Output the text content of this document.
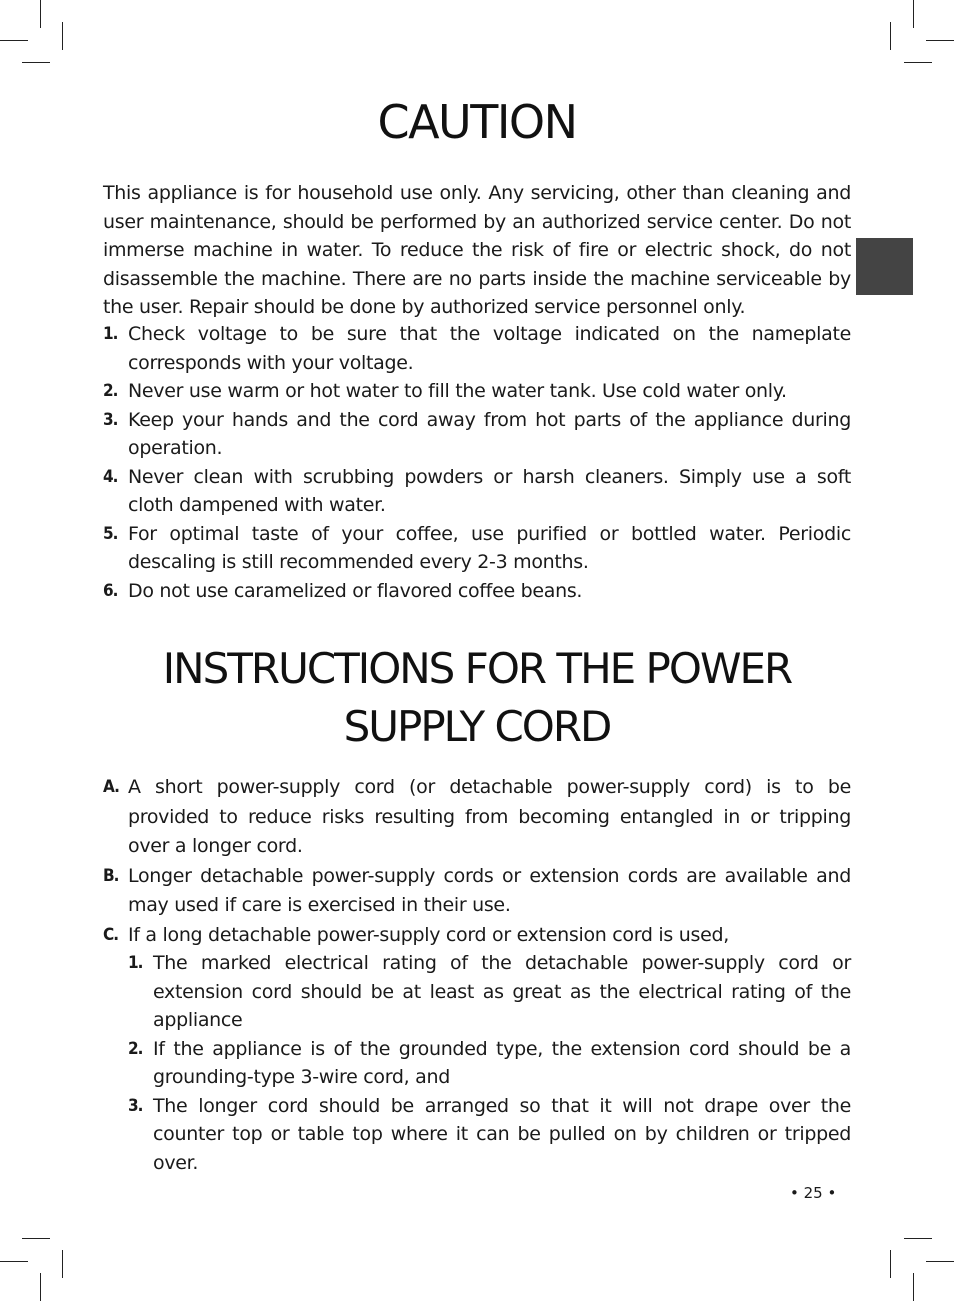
CAUTION

This appliance is for household use only. Any servicing, other than cleaning and user maintenance, should be performed by an authorized service center. Do not immerse machine in water. To reduce the risk of fire or electric shock, do not disassemble the machine. There are no parts inside the machine serviceable by the user. Repair should be done by authorized service personnel only.

1. Check voltage to be sure that the voltage indicated on the nameplate corresponds with your voltage.
2. Never use warm or hot water to fill the water tank. Use cold water only.
3. Keep your hands and the cord away from hot parts of the appliance during operation.
4. Never clean with scrubbing powders or harsh cleaners. Simply use a soft cloth dampened with water.
5. For optimal taste of your coffee, use purified or bottled water. Periodic descaling is still recommended every 2-3 months.
6. Do not use caramelized or flavored coffee beans.
INSTRUCTIONS FOR THE POWER
SUPPLY CORD
A. A short power-supply cord (or detachable power-supply cord) is to be provided to reduce risks resulting from becoming entangled in or tripping over a longer cord.
B. Longer detachable power-supply cords or extension cords are available and may used if care is exercised in their use.
C. If a long detachable power-supply cord or extension cord is used,
1. The marked electrical rating of the detachable power-supply cord or extension cord should be at least as great as the electrical rating of the appliance
2. If the appliance is of the grounded type, the extension cord should be a grounding-type 3-wire cord, and
3. The longer cord should be arranged so that it will not drape over the counter top or table top where it can be pulled on by children or tripped over.
• 25 •
